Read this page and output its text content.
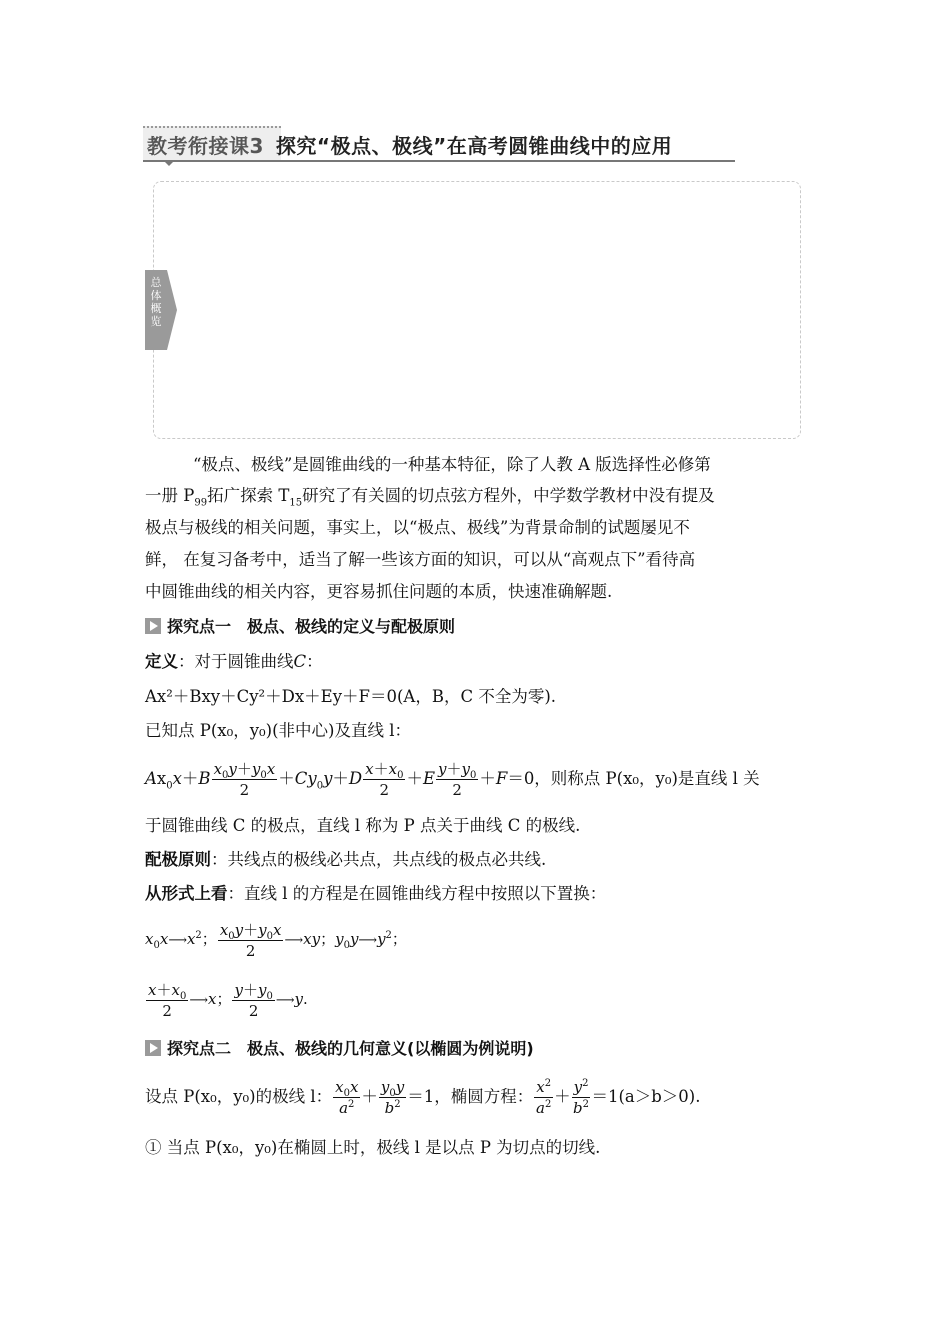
教考衔接课3 探究“极点、极线”在高考圆锥曲线中的应用
总体概览
“极点、极线”是圆锥曲线的一种基本特征，除了人教 A 版选择性必修第
一册 $P_{99}$拓广探索 $T_{15}$研究了有关圆的切点弦方程外，中学数学教材中没有提及
极点与极线的相关问题，事实上，以“极点、极线”为背景命制的试题屡见不
鲜， 在复习备考中，适当了解一些该方面的知识，可以从“高观点下”看待高
中圆锥曲线的相关内容，更容易抓住问题的本质，快速准确解题.
探究点一　极点、极线的定义与配极原则
定义：对于圆锥曲线C：
Ax²＋Bxy＋Cy²＋Dx＋Ey＋F＝0(A，B，C 不全为零).
已知点 P(x₀，y₀)(非中心)及直线 l：
$Ax_0x+B \frac{x_0y+y_0x}{2} +Cy_0y+D \frac{x+x_0}{2} +E \frac{y+y_0}{2} +F=0$，则称点 P(x₀，y₀)是直线 l 关
于圆锥曲线 C 的极点，直线 l 称为 P 点关于曲线 C 的极线.
配极原则：共线点的极线必共点，共点线的极点必共线.
从形式上看：直线 l 的方程是在圆锥曲线方程中按照以下置换：
$x_0x⟶x^2$； $\frac{x_0y+y_0x}{2}$ ⟶xy；$y_0y⟶y^2$；
$\frac{x+x_0}{2}$ ⟶x； $\frac{y+y_0}{2}$ ⟶y.
探究点二　极点、极线的几何意义(以椭圆为例说明)
设点 P(x₀，y₀)的极线 l： $\frac{x_0x}{a^2} + \frac{y_0y}{b^2} =1$，椭圆方程： $\frac{x^2}{a^2} + \frac{y^2}{b^2} =1(a>b>0)$.
① 当点 P(x₀，y₀)在椭圆上时，极线 l 是以点 P 为切点的切线.
